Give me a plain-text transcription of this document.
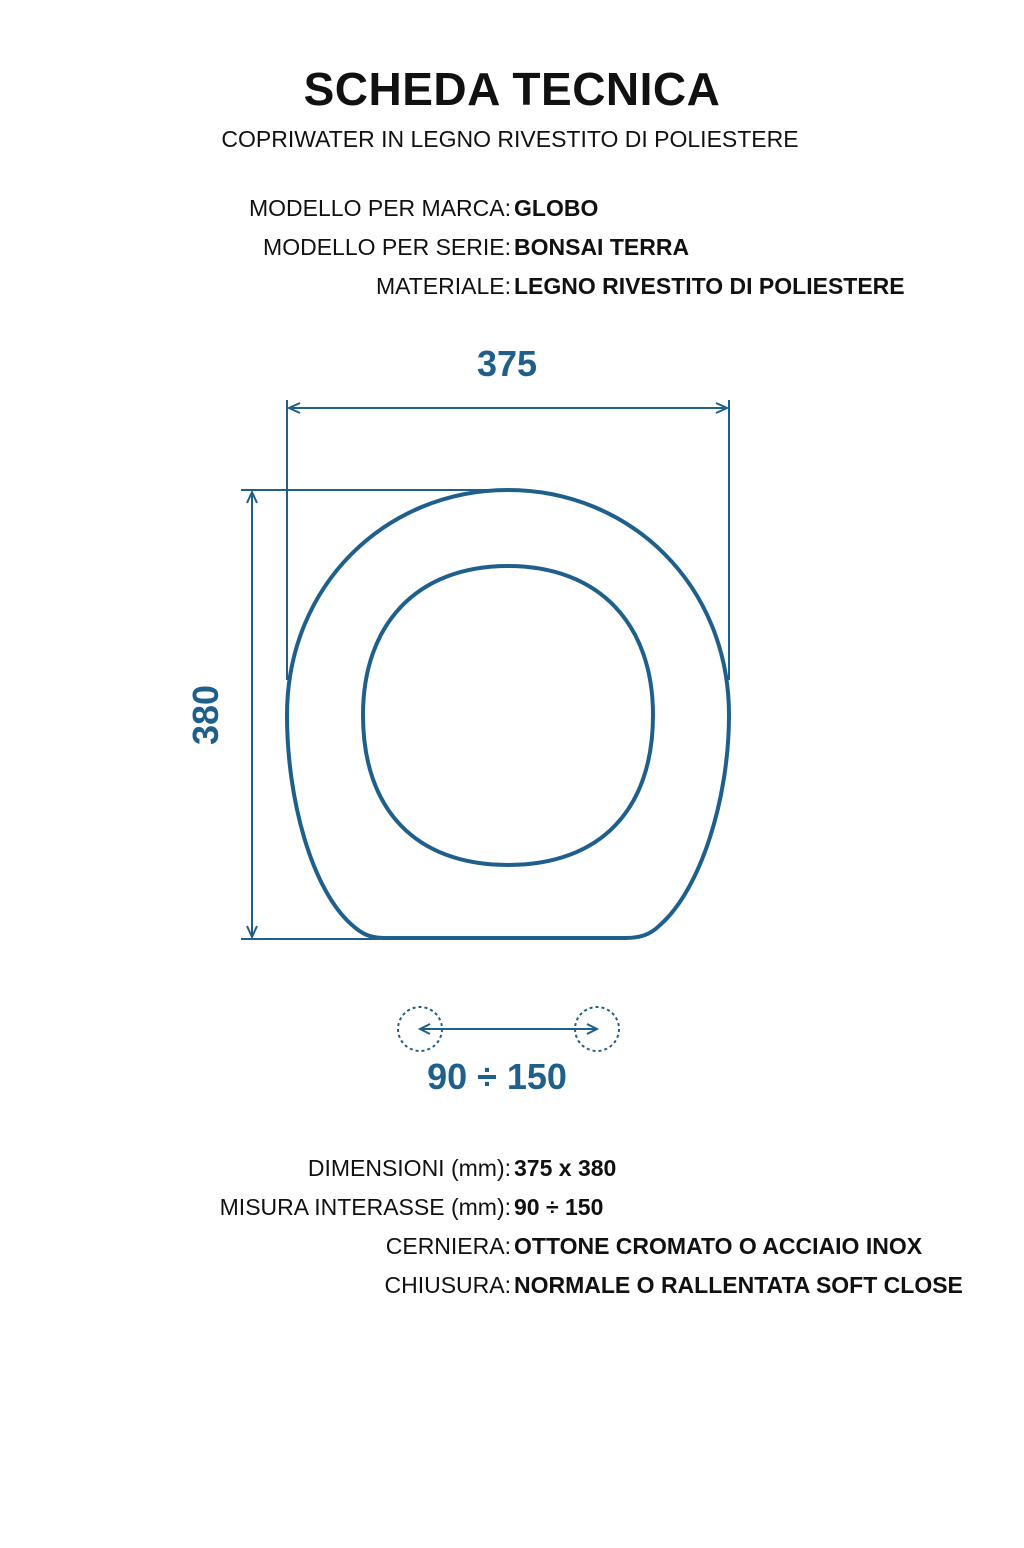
SCHEDA TECNICA

COPRIWATER IN LEGNO RIVESTITO DI POLIESTERE

MODELLO PER MARCA: GLOBO
MODELLO PER SERIE: BONSAI TERRA
MATERIALE: LEGNO RIVESTITO DI POLIESTERE
375
380
90 ÷ 150
DIMENSIONI (mm): 375 x 380
MISURA INTERASSE (mm): 90 ÷ 150
CERNIERA: OTTONE CROMATO O ACCIAIO INOX
CHIUSURA: NORMALE O RALLENTATA SOFT CLOSE
